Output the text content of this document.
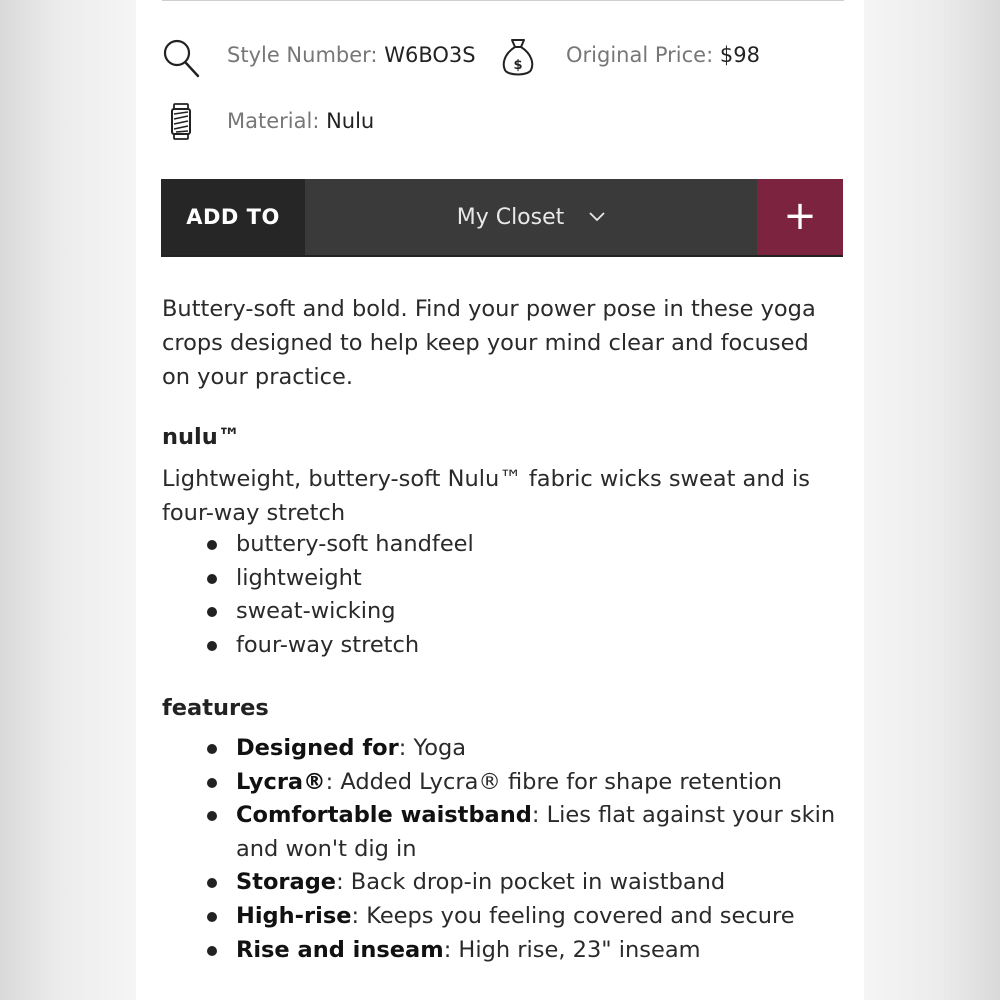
Style Number: W6BO3S	$ Original Price: $98
Material: Nulu
ADD TO	My Closet	+
Buttery-soft and bold. Find your power pose in these yoga crops designed to help keep your mind clear and focused on your practice.
nulu™
Lightweight, buttery-soft Nulu™ fabric wicks sweat and is four-way stretch
buttery-soft handfeel
lightweight
sweat-wicking
four-way stretch
features
Designed for: Yoga
Lycra®: Added Lycra® fibre for shape retention
Comfortable waistband: Lies flat against your skin and won't dig in
Storage: Back drop-in pocket in waistband
High-rise: Keeps you feeling covered and secure
Rise and inseam: High rise, 23" inseam
